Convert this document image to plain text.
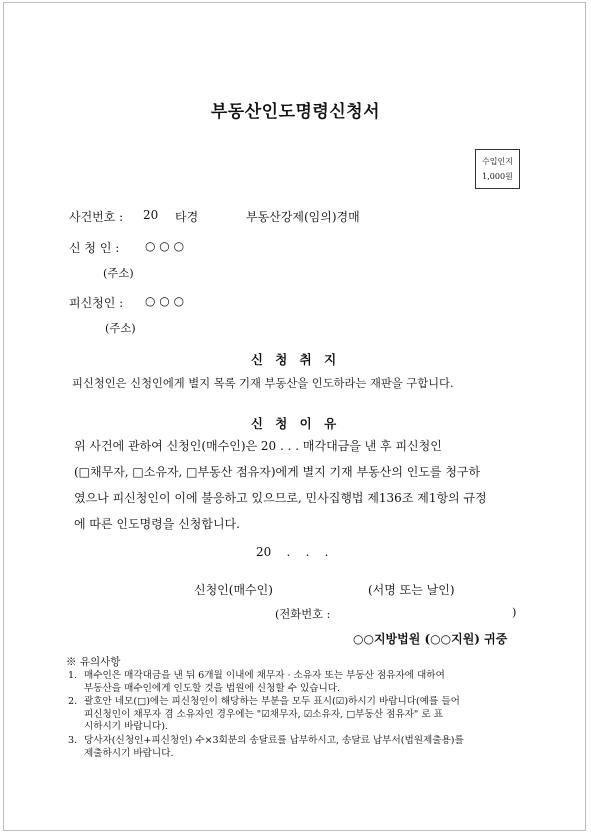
부동산인도명령신청서
수입인지
1,000원
사건번호 : 20 타경	부동산강제(임의)경매
신 청 인 : ○ ○ ○
(주소)
피신청인 : ○ ○ ○
(주소)
신 청 취 지
피신청인은 신청인에게 별지 목록 기재 부동산을 인도하라는 재판을 구합니다.
신 청 이 유
위 사건에 관하여 신청인(매수인)은 20 . . . 매각대금을 낸 후 피신청인
(□채무자, □소유자, □부동산 점유자)에게 별지 기재 부동산의 인도를 청구하
였으나 피신청인이 이에 불응하고 있으므로, 민사집행법 제136조 제1항의 규정
에 따른 인도명령을 신청합니다.
20    .    .    .
신청인(매수인)	(서명 또는 날인)
(전화번호 :	)
○○지방법원 (○○지원) 귀중
※ 유의사항
1. 매수인은 매각대금을 낸 뒤 6개월 이내에 채무자 · 소유자 또는 부동산 점유자에 대하여
부동산을 매수인에게 인도할 것을 법원에 신청할 수 있습니다.
2. 괄호안 네모(□)에는 피신청인이 해당하는 부분을 모두 표시(☑)하시기 바랍니다(예를 들어
피신청인이 채무자 겸 소유자인 경우에는 "☑채무자, ☑소유자, □부동산 점유자" 로 표
시하시기 바랍니다).
3. 당사자(신청인+피신청인) 수×3회분의 송달료를 납부하시고, 송달료 납부서(법원제출용)를
제출하시기 바랍니다.
